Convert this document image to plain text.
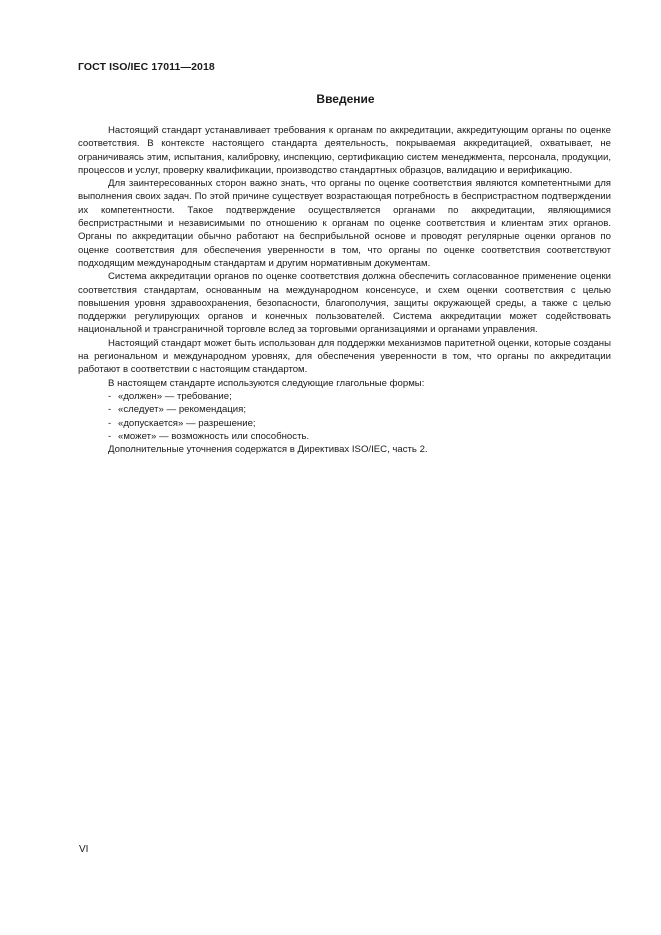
ГОСТ ISO/IEC 17011—2018
Введение

Настоящий стандарт устанавливает требования к органам по аккредитации, аккредитующим органы по оценке соответствия. В контексте настоящего стандарта деятельность, покрываемая аккредитацией, охватывает, не ограничиваясь этим, испытания, калибровку, инспекцию, сертификацию систем менеджмента, персонала, продукции, процессов и услуг, проверку квалификации, производство стандартных образцов, валидацию и верификацию.

Для заинтересованных сторон важно знать, что органы по оценке соответствия являются компетентными для выполнения своих задач. По этой причине существует возрастающая потребность в беспристрастном подтверждении их компетентности. Такое подтверждение осуществляется органами по аккредитации, являющимися беспристрастными и независимыми по отношению к органам по оценке соответствия и клиентам этих органов. Органы по аккредитации обычно работают на бесприбыльной основе и проводят регулярные оценки органов по оценке соответствия для обеспечения уверенности в том, что органы по оценке соответствия соответствуют подходящим международным стандартам и другим нормативным документам.

Система аккредитации органов по оценке соответствия должна обеспечить согласованное применение оценки соответствия стандартам, основанным на международном консенсусе, и схем оценки соответствия с целью повышения уровня здравоохранения, безопасности, благополучия, защиты окружающей среды, а также с целью поддержки регулирующих органов и конечных пользователей. Система аккредитации может содействовать национальной и трансграничной торговле вслед за торговыми организациями и органами управления.

Настоящий стандарт может быть использован для поддержки механизмов паритетной оценки, которые созданы на региональном и международном уровнях, для обеспечения уверенности в том, что органы по аккредитации работают в соответствии с настоящим стандартом.

В настоящем стандарте используются следующие глагольные формы:

- «должен» — требование;
- «следует» — рекомендация;
- «допускается» — разрешение;
- «может» — возможность или способность.

Дополнительные уточнения содержатся в Директивах ISO/IEC, часть 2.

VI
